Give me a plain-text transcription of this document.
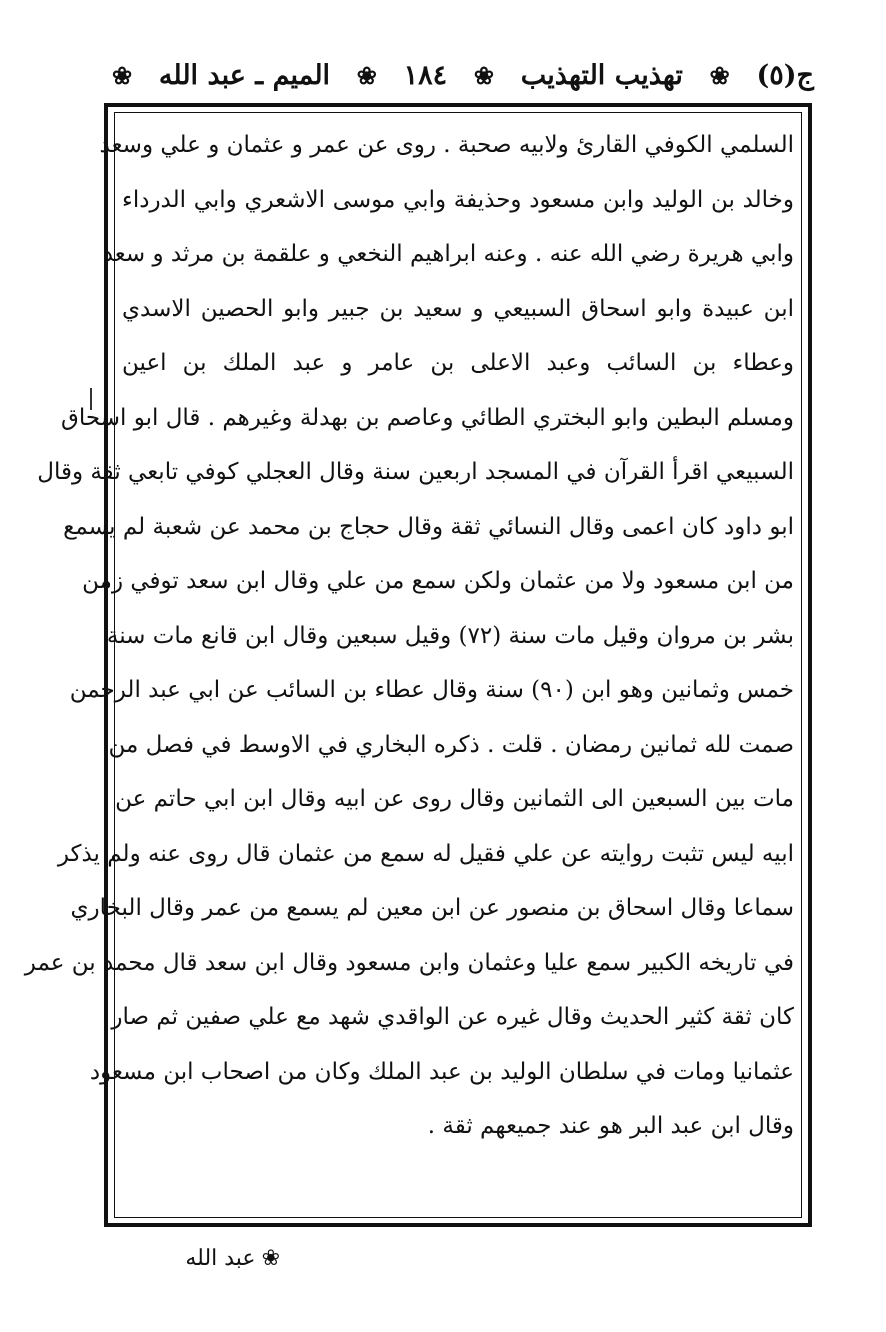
ج(٥)
❀
تهذيب التهذيب
❀
١٨٤
❀
الميم ـ عبد الله
❀
السلمي الكوفي القارئ ولابيه صحبة . روى عن عمر و عثمان و علي وسعد
وخالد بن الوليد وابن مسعود وحذيفة وابي موسى الاشعري وابي الدرداء
وابي هريرة رضي الله عنه . وعنه ابراهيم النخعي و علقمة بن مرثد و سعد
ابن عبيدة وابو اسحاق السبيعي و سعيد بن جبير وابو الحصين الاسدي
وعطاء بن السائب وعبد الاعلى بن عامر و عبد الملك بن اعين
ومسلم البطين وابو البختري الطائي وعاصم بن بهدلة وغيرهم . قال ابو اسحاق
السبيعي اقرأ القرآن في المسجد اربعين سنة وقال العجلي كوفي تابعي ثقة وقال
ابو داود كان اعمى وقال النسائي ثقة وقال حجاج بن محمد عن شعبة لم يسمع
من ابن مسعود ولا من عثمان ولكن سمع من علي وقال ابن سعد توفي زمن
بشر بن مروان وقيل مات سنة (٧٢) وقيل سبعين وقال ابن قانع مات سنة
خمس وثمانين وهو ابن (٩٠) سنة وقال عطاء بن السائب عن ابي عبد الرحمن
صمت لله ثمانين رمضان . قلت . ذكره البخاري في الاوسط في فصل من
مات بين السبعين الى الثمانين وقال روى عن ابيه وقال ابن ابي حاتم عن
ابيه ليس تثبت روايته عن علي فقيل له سمع من عثمان قال روى عنه ولم يذكر
سماعا وقال اسحاق بن منصور عن ابن معين لم يسمع من عمر وقال البخاري
في تاريخه الكبير سمع عليا وعثمان وابن مسعود وقال ابن سعد قال محمد بن عمر
كان ثقة كثير الحديث وقال غيره عن الواقدي شهد مع علي صفين ثم صار
عثمانيا ومات في سلطان الوليد بن عبد الملك وكان من اصحاب ابن مسعود
وقال ابن عبد البر هو عند جميعهم ثقة .
❀
عبد الله
